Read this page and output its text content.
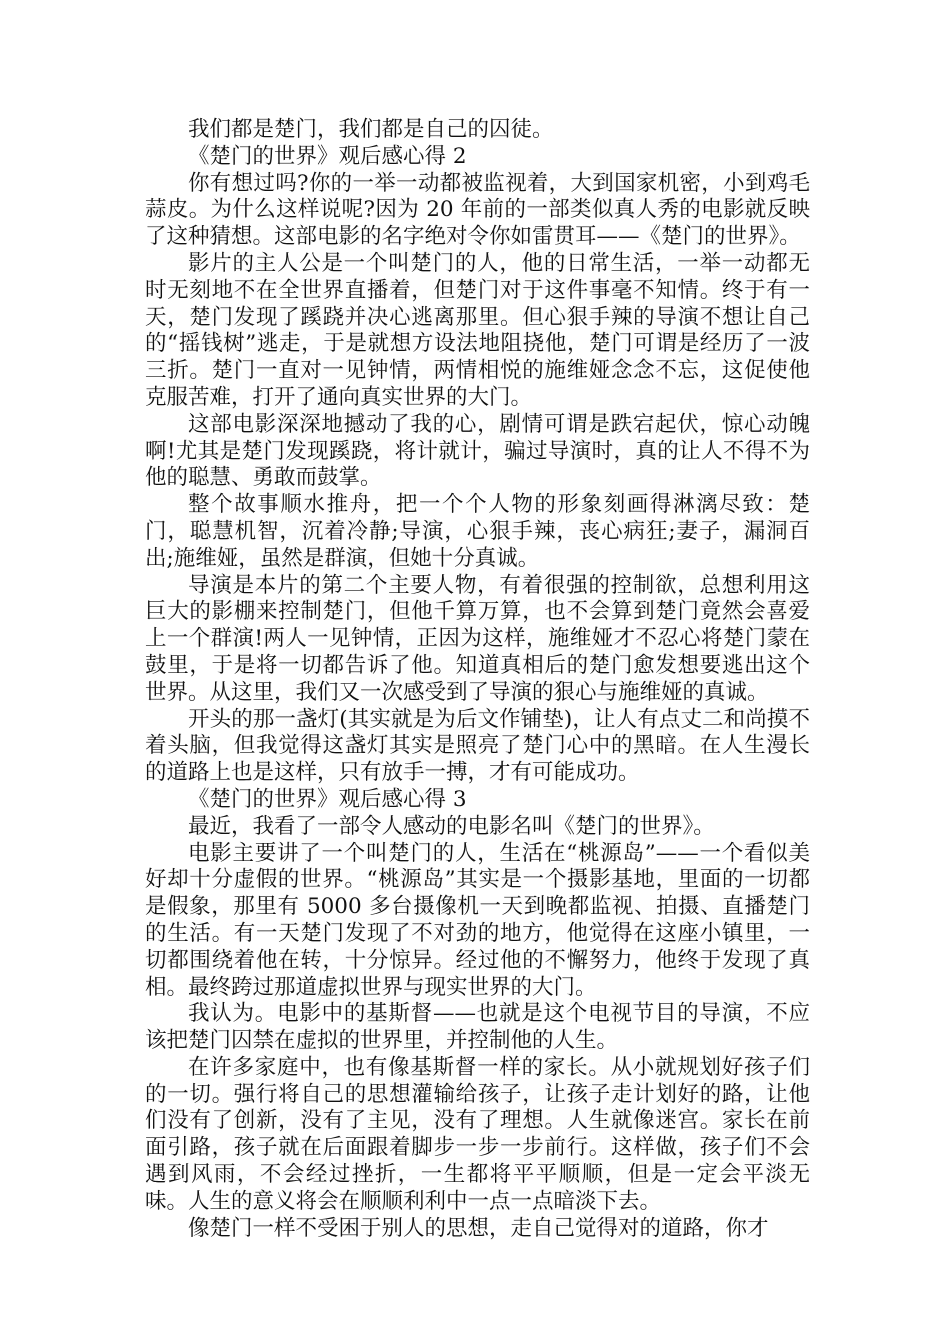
我们都是楚门，我们都是自己的囚徒。

《楚门的世界》观后感心得 2

你有想过吗?你的一举一动都被监视着，大到国家机密，小到鸡毛蒜皮。为什么这样说呢?因为 20 年前的一部类似真人秀的电影就反映了这种猜想。这部电影的名字绝对令你如雷贯耳——《楚门的世界》。

影片的主人公是一个叫楚门的人，他的日常生活，一举一动都无时无刻地不在全世界直播着，但楚门对于这件事毫不知情。终于有一天，楚门发现了蹊跷并决心逃离那里。但心狠手辣的导演不想让自己的“摇钱树”逃走，于是就想方设法地阻挠他，楚门可谓是经历了一波三折。楚门一直对一见钟情，两情相悦的施维娅念念不忘，这促使他克服苦难，打开了通向真实世界的大门。

这部电影深深地撼动了我的心，剧情可谓是跌宕起伏，惊心动魄啊!尤其是楚门发现蹊跷，将计就计，骗过导演时，真的让人不得不为他的聪慧、勇敢而鼓掌。

整个故事顺水推舟，把一个个人物的形象刻画得淋漓尽致：楚门，聪慧机智，沉着冷静;导演，心狠手辣，丧心病狂;妻子，漏洞百出;施维娅，虽然是群演，但她十分真诚。

导演是本片的第二个主要人物，有着很强的控制欲，总想利用这巨大的影棚来控制楚门，但他千算万算，也不会算到楚门竟然会喜爱上一个群演!两人一见钟情，正因为这样，施维娅才不忍心将楚门蒙在鼓里，于是将一切都告诉了他。知道真相后的楚门愈发想要逃出这个世界。从这里，我们又一次感受到了导演的狠心与施维娅的真诚。

开头的那一盏灯(其实就是为后文作铺垫)，让人有点丈二和尚摸不着头脑，但我觉得这盏灯其实是照亮了楚门心中的黑暗。在人生漫长的道路上也是这样，只有放手一搏，才有可能成功。

《楚门的世界》观后感心得 3

最近，我看了一部令人感动的电影名叫《楚门的世界》。

电影主要讲了一个叫楚门的人，生活在“桃源岛”——一个看似美好却十分虚假的世界。“桃源岛”其实是一个摄影基地，里面的一切都是假象，那里有 5000 多台摄像机一天到晚都监视、拍摄、直播楚门的生活。有一天楚门发现了不对劲的地方，他觉得在这座小镇里，一切都围绕着他在转，十分惊异。经过他的不懈努力，他终于发现了真相。最终跨过那道虚拟世界与现实世界的大门。

我认为。电影中的基斯督——也就是这个电视节目的导演，不应该把楚门囚禁在虚拟的世界里，并控制他的人生。

在许多家庭中，也有像基斯督一样的家长。从小就规划好孩子们的一切。强行将自己的思想灌输给孩子，让孩子走计划好的路，让他们没有了创新，没有了主见，没有了理想。人生就像迷宫。家长在前面引路，孩子就在后面跟着脚步一步一步前行。这样做，孩子们不会遇到风雨，不会经过挫折，一生都将平平顺顺，但是一定会平淡无味。人生的意义将会在顺顺利利中一点一点暗淡下去。

像楚门一样不受困于别人的思想，走自己觉得对的道路，你才
